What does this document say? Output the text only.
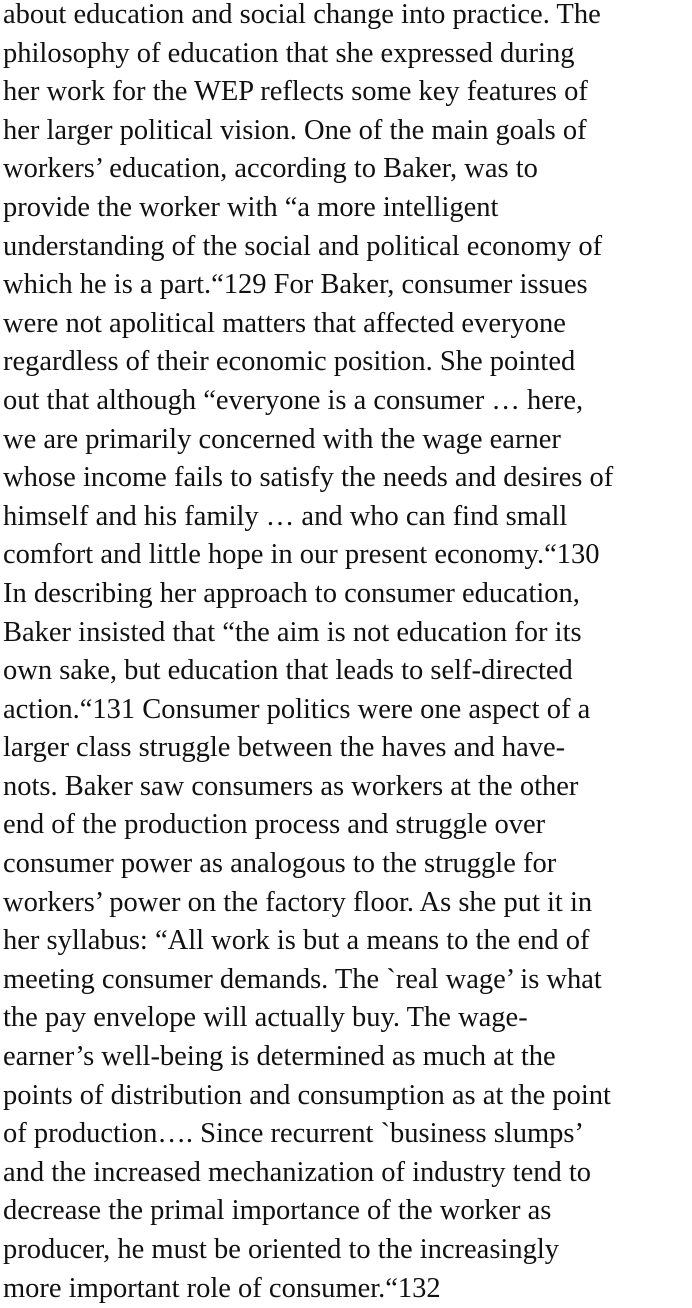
about education and social change into practice. The
philosophy of education that she expressed during
her work for the WEP reflects some key features of
her larger political vision. One of the main goals of
workers’ education, according to Baker, was to
provide the worker with “a more intelligent
understanding of the social and political economy of
which he is a part.“129 For Baker, consumer issues
were not apolitical matters that affected everyone
regardless of their economic position. She pointed
out that although “everyone is a consumer … here,
we are primarily concerned with the wage earner
whose income fails to satisfy the needs and desires of
himself and his family … and who can find small
comfort and little hope in our present economy.“130
In describing her approach to consumer education,
Baker insisted that “the aim is not education for its
own sake, but education that leads to self-directed
action.“131 Consumer politics were one aspect of a
larger class struggle between the haves and have-
nots. Baker saw consumers as workers at the other
end of the production process and struggle over
consumer power as analogous to the struggle for
workers’ power on the factory floor. As she put it in
her syllabus: “All work is but a means to the end of
meeting consumer demands. The `real wage’ is what
the pay envelope will actually buy. The wage-
earner’s well-being is determined as much at the
points of distribution and consumption as at the point
of production…. Since recurrent `business slumps’
and the increased mechanization of industry tend to
decrease the primal importance of the worker as
producer, he must be oriented to the increasingly
more important role of consumer.“132
